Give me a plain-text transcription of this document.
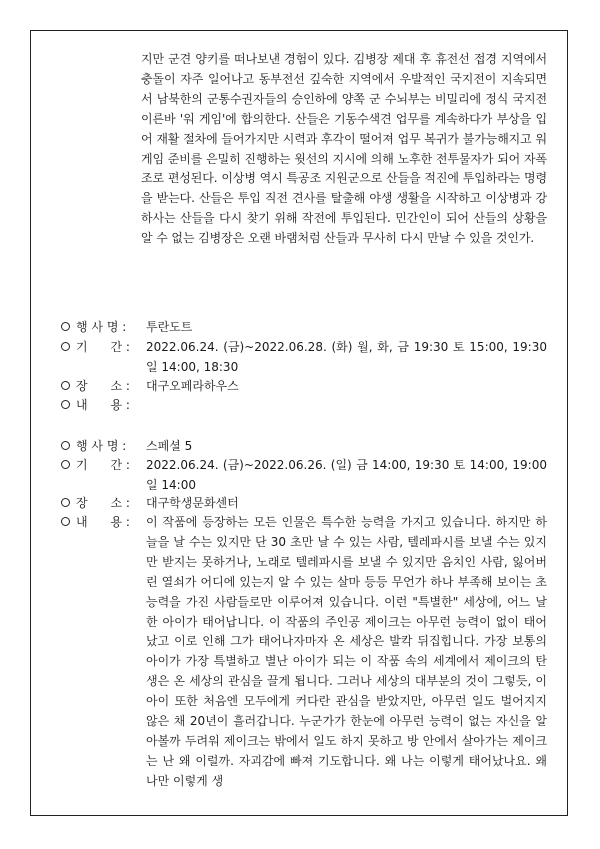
지만 군견 양키를 떠나보낸 경험이 있다. 김병장 제대 후 휴전선 접경 지역에서 충돌이 자주 일어나고 동부전선 깊숙한 지역에서 우발적인 국지전이 지속되면서 남북한의 군통수권자들의 승인하에 양쪽 군 수뇌부는 비밀리에 정식 국지전 이른바 '워 게임'에 합의한다. 산들은 기동수색견 업무를 계속하다가 부상을 입어 재활 절차에 들어가지만 시력과 후각이 떨어져 업무 복귀가 불가능해지고 워게임 준비를 은밀히 진행하는 윗선의 지시에 의해 노후한 전투물자가 되어 자폭조로 편성된다. 이상병 역시 특공조 지원군으로 산들을 적진에 투입하라는 명령을 받는다. 산들은 투입 직전 견사를 탈출해 야생 생활을 시작하고 이상병과 강하사는 산들을 다시 찾기 위해 작전에 투입된다. 민간인이 되어 산들의 상황을 알 수 없는 김병장은 오랜 바램처럼 산들과 무사히 다시 만날 수 있을 것인가.

행 사 명 :	투란도트
기      간 :	2022.06.24. (금)~2022.06.28. (화) 월, 화, 금 19:30 토 15:00, 19:30 일 14:00, 18:30
장      소 :	대구오페라하우스
내      용 :
행 사 명 :	스페셜 5
기      간 :	2022.06.24. (금)~2022.06.26. (일) 금 14:00, 19:30 토 14:00, 19:00 일 14:00
장      소 :	대구학생문화센터
내      용 :	이 작품에 등장하는 모든 인물은 특수한 능력을 가지고 있습니다. 하지만 하늘을 날 수는 있지만 단 30 초만 날 수 있는 사람, 텔레파시를 보낼 수는 있지만 받지는 못하거나, 노래로 텔레파시를 보낼 수 있지만 음치인 사람, 잃어버린 열쇠가 어디에 있는지 알 수 있는 살마 등등 무언가 하나 부족해 보이는 초능력을 가진 사람들로만 이루어져 있습니다. 이런 "특별한" 세상에, 어느 날 한 아이가 태어납니다. 이 작품의 주인공 제이크는 아무런 능력이 없이 태어났고 이로 인해 그가 태어나자마자 온 세상은 발칵 뒤집힙니다. 가장 보통의 아이가 가장 특별하고 별난 아이가 되는 이 작품 속의 세계에서 제이크의 탄생은 온 세상의 관심을 끌게 됩니다. 그러나 세상의 대부분의 것이 그렇듯, 이 아이 또한 처음엔 모두에게 커다란 관심을 받았지만, 아무런 일도 벌어지지 않은 채 20년이 흘러갑니다. 누군가가 한눈에 아무런 능력이 없는 자신을 알아볼까 두려워 제이크는 밖에서 일도 하지 못하고 방 안에서 살아가는 제이크는 난 왜 이럴까. 자괴감에 빠져 기도합니다. 왜 나는 이렇게 태어났나요. 왜 나만 이렇게 생
